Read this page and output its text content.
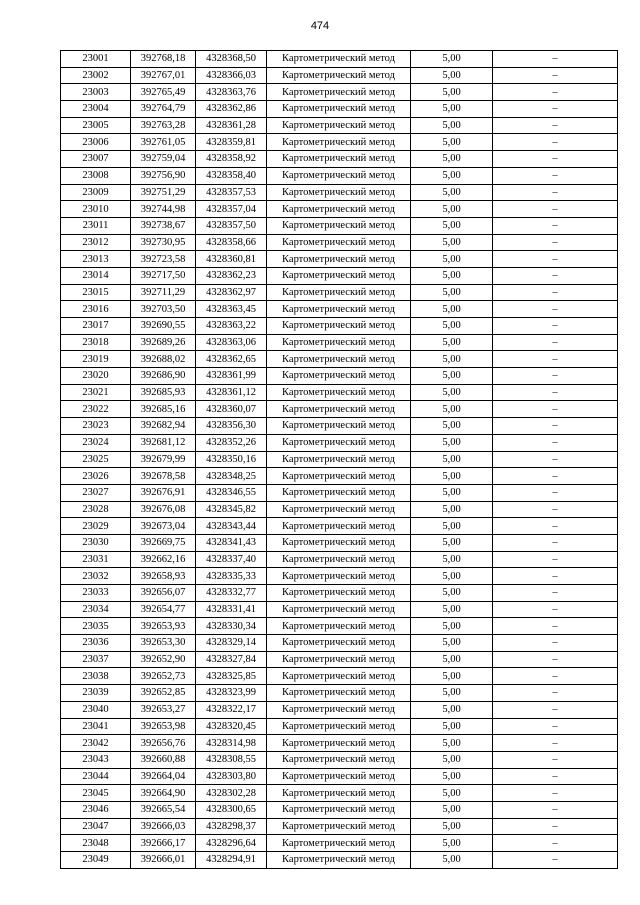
474
23001	392768,18	4328368,50	Картометрический метод	5,00	–
23002	392767,01	4328366,03	Картометрический метод	5,00	–
23003	392765,49	4328363,76	Картометрический метод	5,00	–
23004	392764,79	4328362,86	Картометрический метод	5,00	–
23005	392763,28	4328361,28	Картометрический метод	5,00	–
23006	392761,05	4328359,81	Картометрический метод	5,00	–
23007	392759,04	4328358,92	Картометрический метод	5,00	–
23008	392756,90	4328358,40	Картометрический метод	5,00	–
23009	392751,29	4328357,53	Картометрический метод	5,00	–
23010	392744,98	4328357,04	Картометрический метод	5,00	–
23011	392738,67	4328357,50	Картометрический метод	5,00	–
23012	392730,95	4328358,66	Картометрический метод	5,00	–
23013	392723,58	4328360,81	Картометрический метод	5,00	–
23014	392717,50	4328362,23	Картометрический метод	5,00	–
23015	392711,29	4328362,97	Картометрический метод	5,00	–
23016	392703,50	4328363,45	Картометрический метод	5,00	–
23017	392690,55	4328363,22	Картометрический метод	5,00	–
23018	392689,26	4328363,06	Картометрический метод	5,00	–
23019	392688,02	4328362,65	Картометрический метод	5,00	–
23020	392686,90	4328361,99	Картометрический метод	5,00	–
23021	392685,93	4328361,12	Картометрический метод	5,00	–
23022	392685,16	4328360,07	Картометрический метод	5,00	–
23023	392682,94	4328356,30	Картометрический метод	5,00	–
23024	392681,12	4328352,26	Картометрический метод	5,00	–
23025	392679,99	4328350,16	Картометрический метод	5,00	–
23026	392678,58	4328348,25	Картометрический метод	5,00	–
23027	392676,91	4328346,55	Картометрический метод	5,00	–
23028	392676,08	4328345,82	Картометрический метод	5,00	–
23029	392673,04	4328343,44	Картометрический метод	5,00	–
23030	392669,75	4328341,43	Картометрический метод	5,00	–
23031	392662,16	4328337,40	Картометрический метод	5,00	–
23032	392658,93	4328335,33	Картометрический метод	5,00	–
23033	392656,07	4328332,77	Картометрический метод	5,00	–
23034	392654,77	4328331,41	Картометрический метод	5,00	–
23035	392653,93	4328330,34	Картометрический метод	5,00	–
23036	392653,30	4328329,14	Картометрический метод	5,00	–
23037	392652,90	4328327,84	Картометрический метод	5,00	–
23038	392652,73	4328325,85	Картометрический метод	5,00	–
23039	392652,85	4328323,99	Картометрический метод	5,00	–
23040	392653,27	4328322,17	Картометрический метод	5,00	–
23041	392653,98	4328320,45	Картометрический метод	5,00	–
23042	392656,76	4328314,98	Картометрический метод	5,00	–
23043	392660,88	4328308,55	Картометрический метод	5,00	–
23044	392664,04	4328303,80	Картометрический метод	5,00	–
23045	392664,90	4328302,28	Картометрический метод	5,00	–
23046	392665,54	4328300,65	Картометрический метод	5,00	–
23047	392666,03	4328298,37	Картометрический метод	5,00	–
23048	392666,17	4328296,64	Картометрический метод	5,00	–
23049	392666,01	4328294,91	Картометрический метод	5,00	–
